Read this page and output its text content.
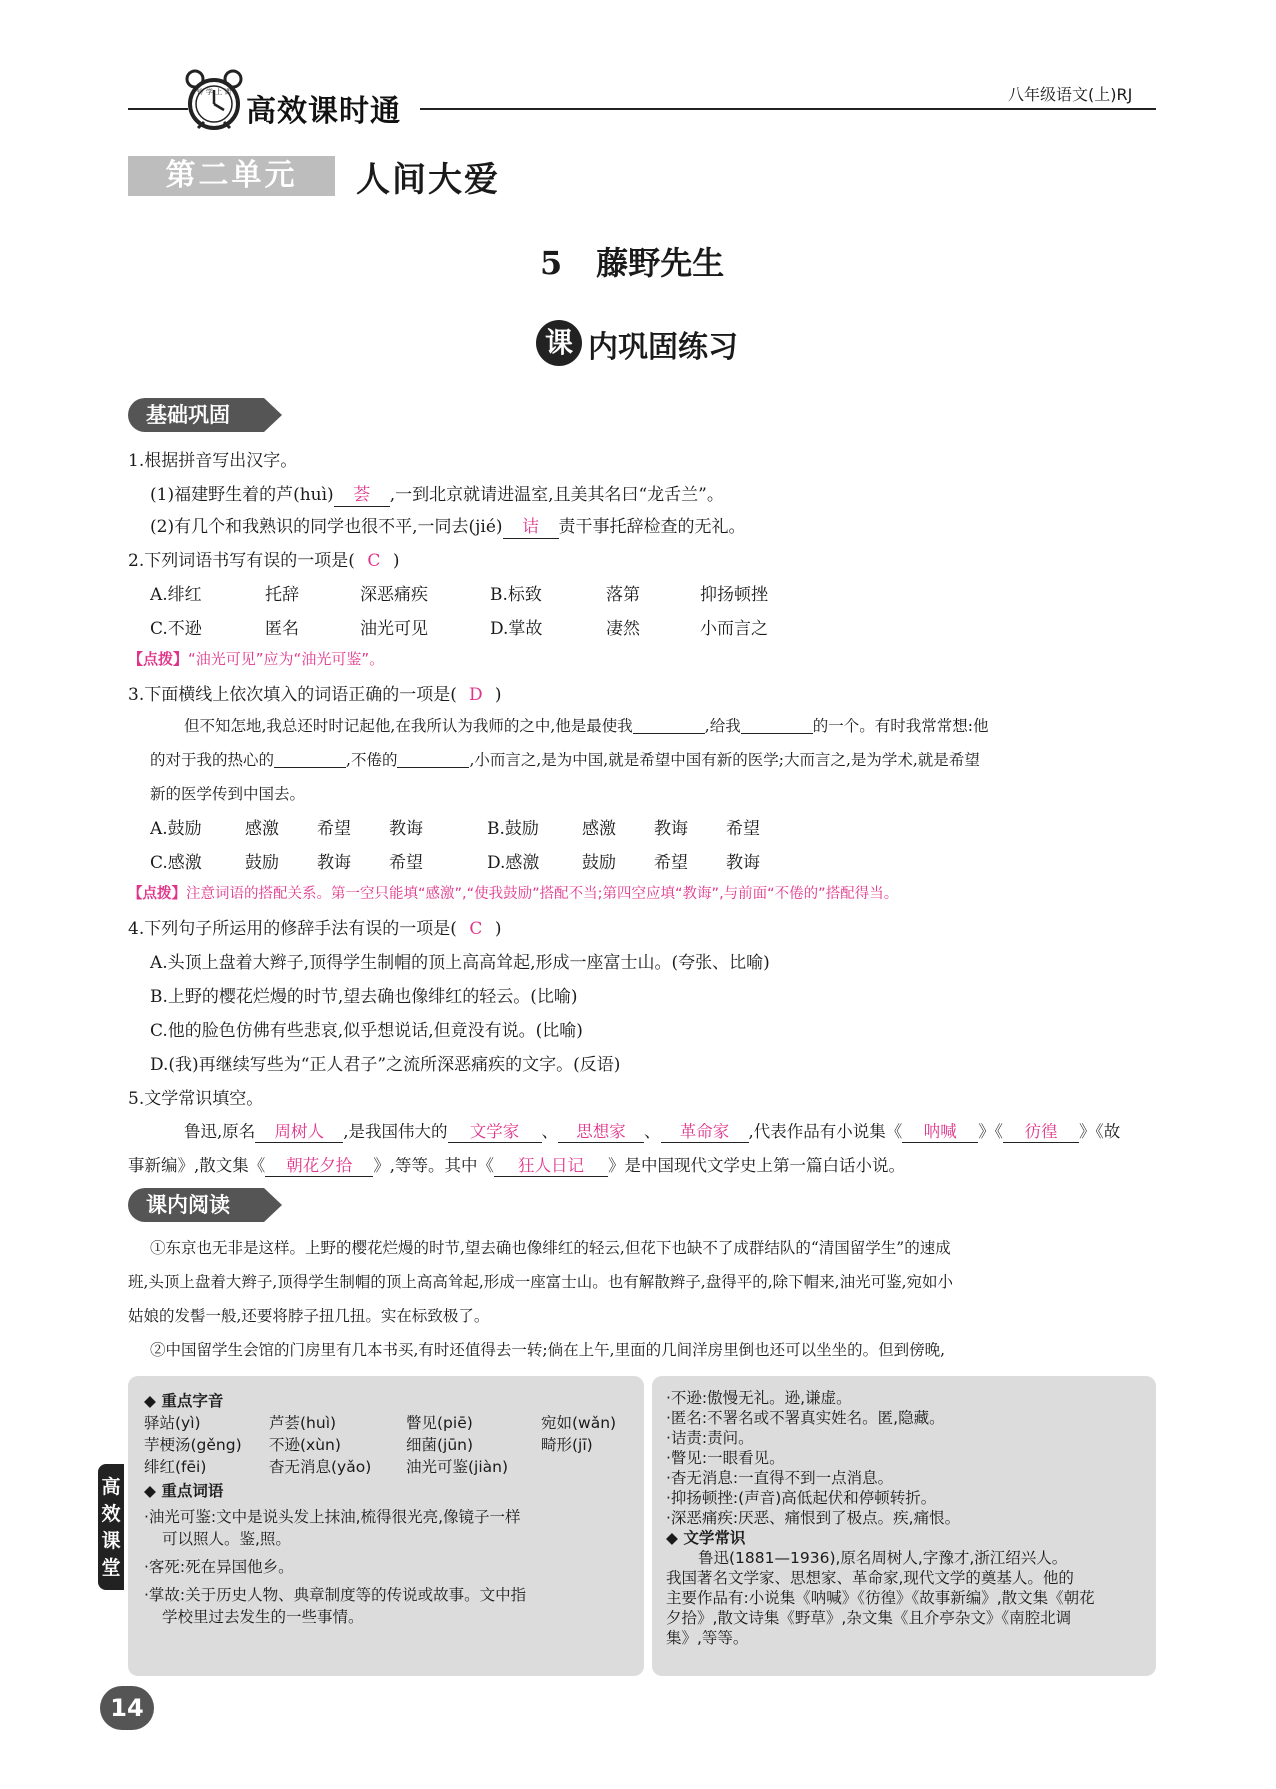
铃 学 上 课
高效课时通	八年级语文(上)RJ
第二单元	人间大爱
5 藤野先生
课 内巩固练习
基础巩固
1.根据拼音写出汉字。
(1)福建野生着的芦(huì) 荟 ,一到北京就请进温室,且美其名曰“龙舌兰”。
(2)有几个和我熟识的同学也很不平,一同去(jié) 诘 责干事托辞检查的无礼。
2.下列词语书写有误的一项是( C )
A.绯红	托辞	深恶痛疾	B.标致	落第	抑扬顿挫
C.不逊	匿名	油光可见	D.掌故	凄然	小而言之
【点拨】“油光可见”应为“油光可鉴”。
3.下面横线上依次填入的词语正确的一项是( D )
但不知怎地,我总还时时记起他,在我所认为我师的之中,他是最使我	,给我	的一个。有时我常常想:他
的对于我的热心的	,不倦的	,小而言之,是为中国,就是希望中国有新的医学;大而言之,是为学术,就是希望
新的医学传到中国去。
A.鼓励	感激 希望 教诲	B.鼓励	感激 教诲 希望
C.感激	鼓励 教诲 希望	D.感激	鼓励 希望 教诲
【点拨】注意词语的搭配关系。第一空只能填“感激”,“使我鼓励”搭配不当;第四空应填“教诲”,与前面“不倦的”搭配得当。
4.下列句子所运用的修辞手法有误的一项是( C )
A.头顶上盘着大辫子,顶得学生制帽的顶上高高耸起,形成一座富士山。(夸张、比喻)
B.上野的樱花烂熳的时节,望去确也像绯红的轻云。(比喻)
C.他的脸色仿佛有些悲哀,似乎想说话,但竟没有说。(比喻)
D.(我)再继续写些为“正人君子”之流所深恶痛疾的文字。(反语)
5.文学常识填空。
鲁迅,原名 周树人 ,是我国伟大的 文学家 、 思想家 、 革命家 ,代表作品有小说集《 呐喊 》《 彷徨 》《故
事新编》,散文集《 朝花夕拾 》,等等。其中《 狂人日记 》是中国现代文学史上第一篇白话小说。
课内阅读
①东京也无非是这样。上野的樱花烂熳的时节,望去确也像绯红的轻云,但花下也缺不了成群结队的“清国留学生”的速成
班,头顶上盘着大辫子,顶得学生制帽的顶上高高耸起,形成一座富士山。也有解散辫子,盘得平的,除下帽来,油光可鉴,宛如小
姑娘的发髻一般,还要将脖子扭几扭。实在标致极了。
②中国留学生会馆的门房里有几本书买,有时还值得去一转;倘在上午,里面的几间洋房里倒也还可以坐坐的。但到傍晚,
高效课堂
◆ 重点字音
驿站(yì)	芦荟(huì)	瞥见(piē)	宛如(wǎn)
芋梗汤(gěng)	不逊(xùn)	细菌(jūn)	畸形(jī)
绯红(fēi)	杳无消息(yǎo)	油光可鉴(jiàn)
◆ 重点词语
·油光可鉴:文中是说头发上抹油,梳得很光亮,像镜子一样
可以照人。鉴,照。
·客死:死在异国他乡。
·掌故:关于历史人物、典章制度等的传说或故事。文中指
学校里过去发生的一些事情。
·不逊:傲慢无礼。逊,谦虚。
·匿名:不署名或不署真实姓名。匿,隐藏。
·诘责:责问。
·瞥见:一眼看见。
·杳无消息:一直得不到一点消息。
·抑扬顿挫:(声音)高低起伏和停顿转折。
·深恶痛疾:厌恶、痛恨到了极点。疾,痛恨。
◆ 文学常识
鲁迅(1881—1936),原名周树人,字豫才,浙江绍兴人。
我国著名文学家、思想家、革命家,现代文学的奠基人。他的
主要作品有:小说集《呐喊》《彷徨》《故事新编》,散文集《朝花
夕拾》,散文诗集《野草》,杂文集《且介亭杂文》《南腔北调
集》,等等。
14
